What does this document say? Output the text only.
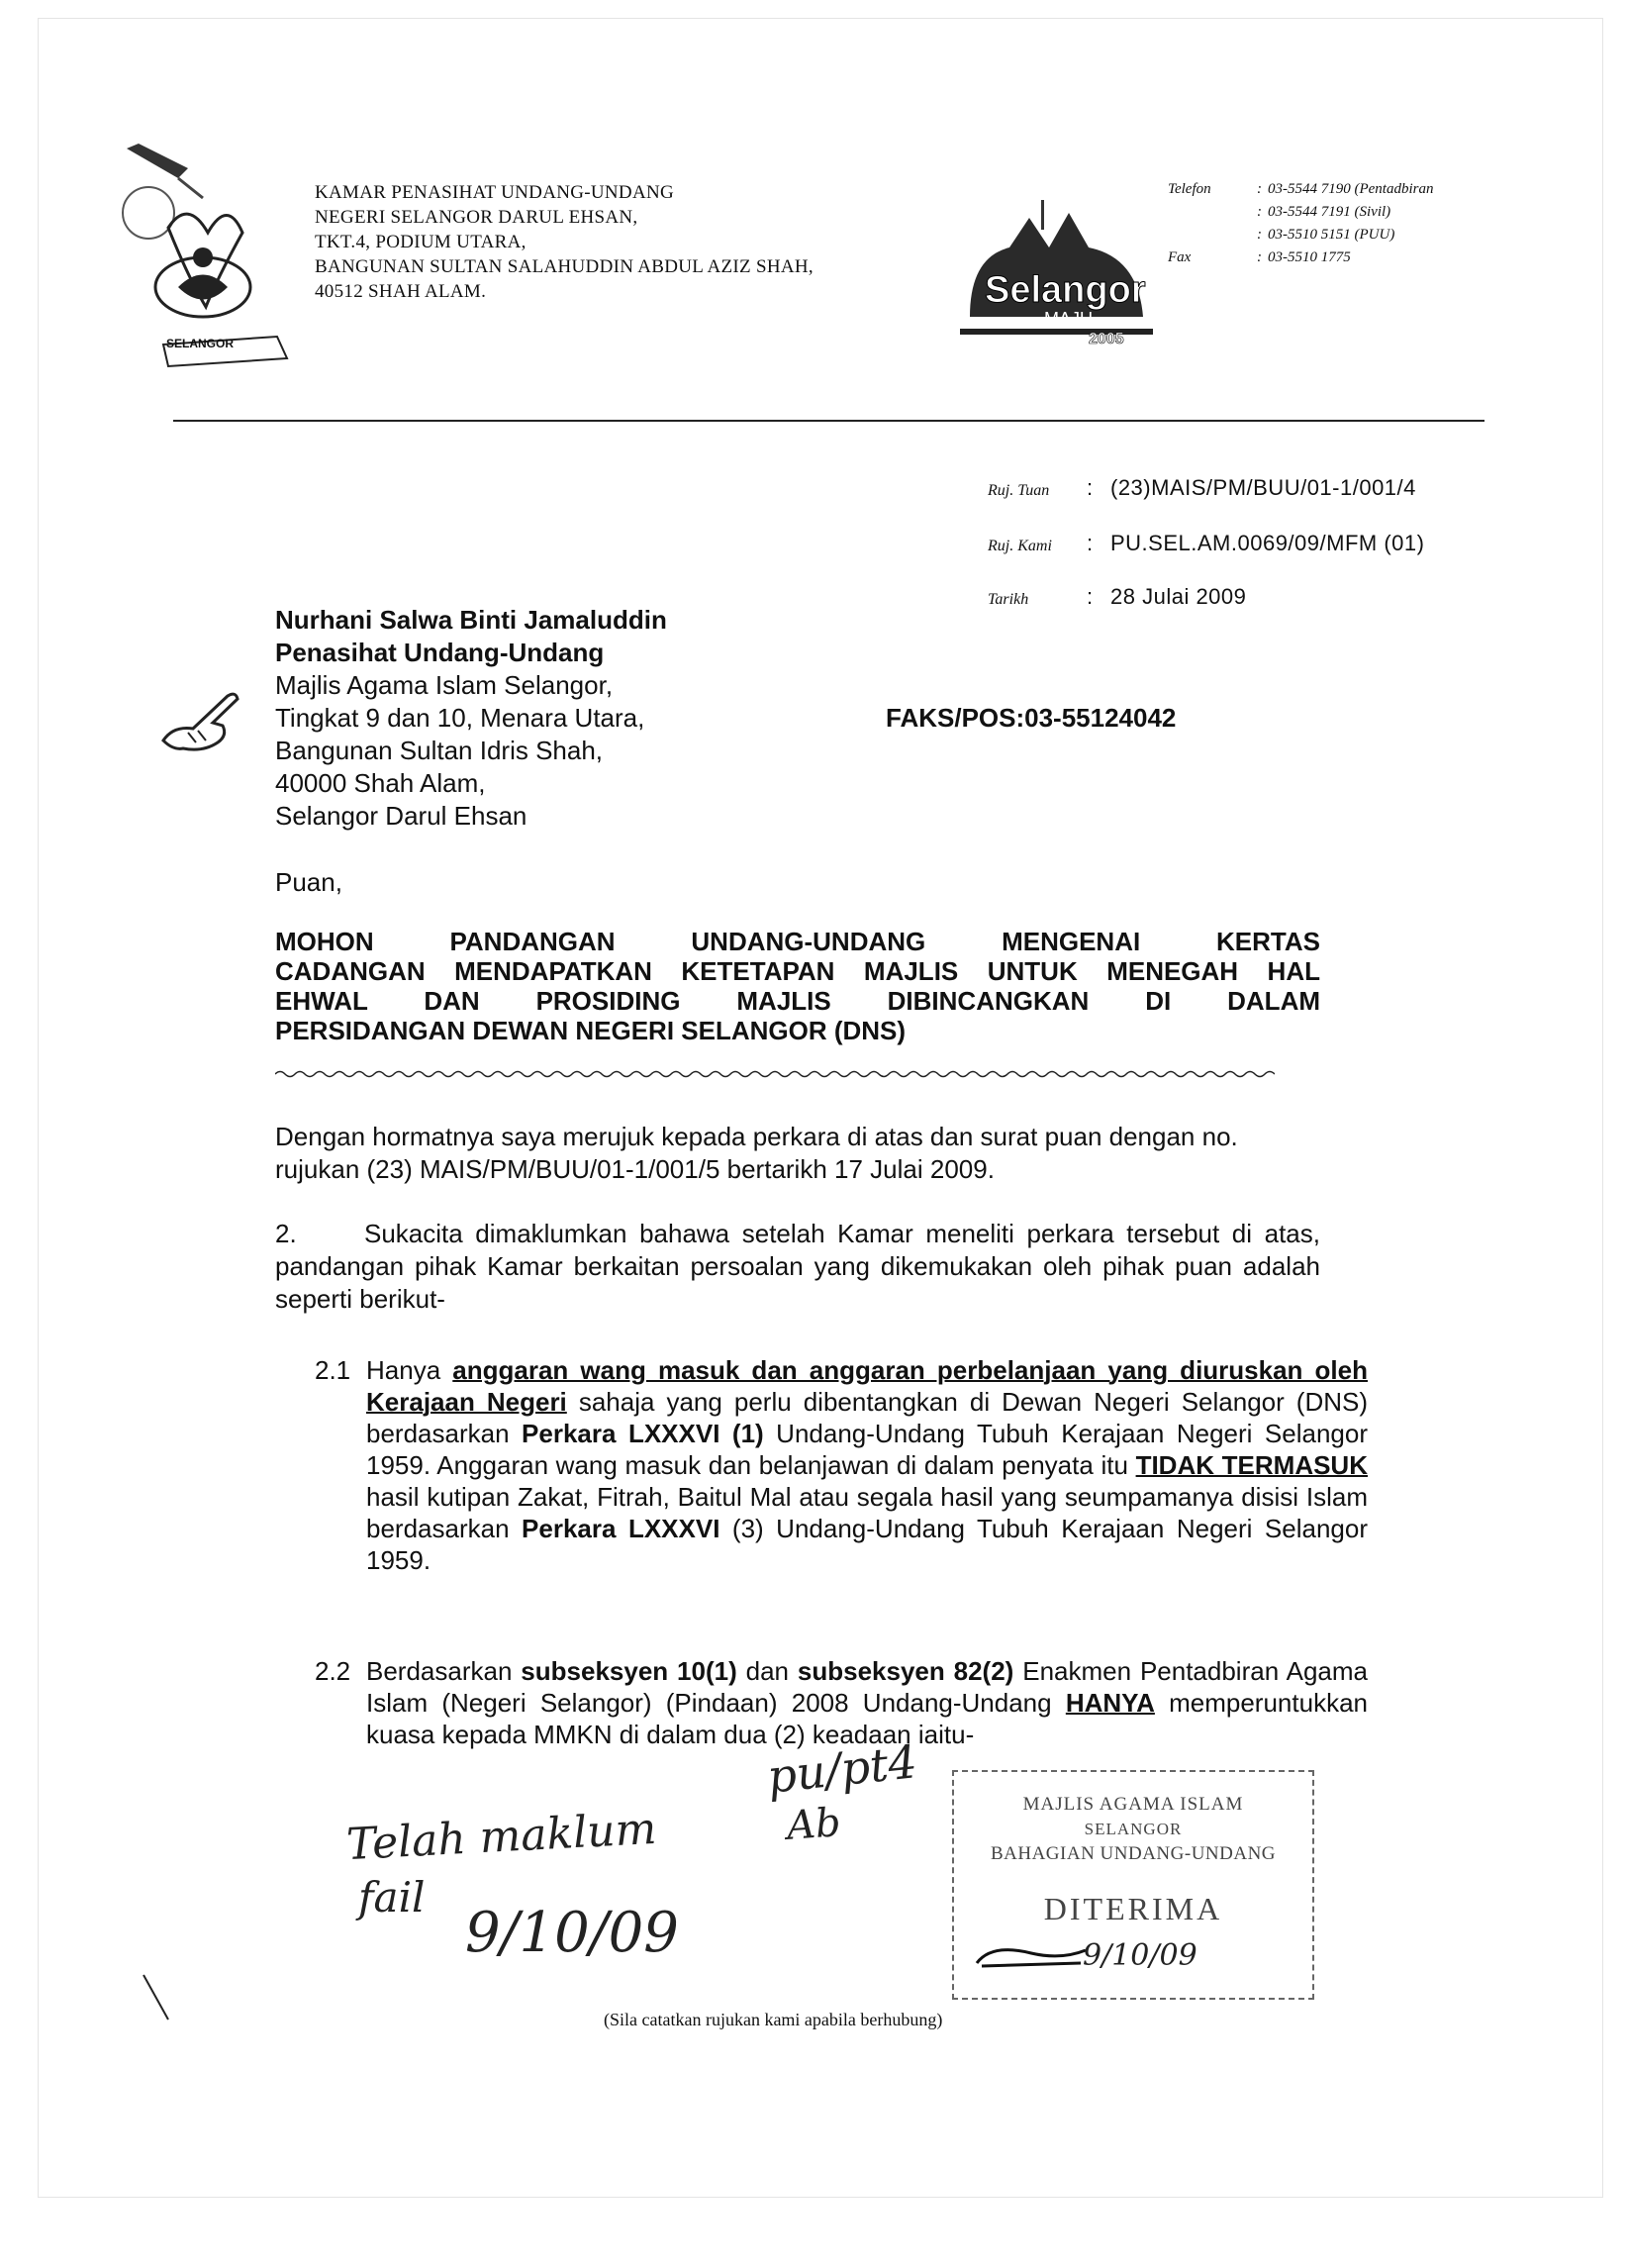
SELANGOR
KAMAR PENASIHAT UNDANG-UNDANG
NEGERI SELANGOR DARUL EHSAN,
TKT.4, PODIUM UTARA,
BANGUNAN SULTAN SALAHUDDIN ABDUL AZIZ SHAH,
40512 SHAH ALAM.	Selangor
MAJU
2005
Telefon	:	03-5544 7190 (Pentadbiran
	:	03-5544 7191 (Sivil)
	:	03-5510 5151 (PUU)
Fax	:	03-5510 1775
Ruj. Tuan : (23)MAIS/PM/BUU/01-1/001/4
Ruj. Kami : PU.SEL.AM.0069/09/MFM (01)
Tarikh	: 28 Julai 2009
Nurhani Salwa Binti Jamaluddin
Penasihat Undang-Undang
Majlis Agama Islam Selangor,
Tingkat 9 dan 10, Menara Utara,
Bangunan Sultan Idris Shah,
40000 Shah Alam,
Selangor Darul Ehsan
FAKS/POS:03-55124042
Puan,
MOHON PANDANGAN UNDANG-UNDANG MENGENAI KERTAS
CADANGAN MENDAPATKAN KETETAPAN MAJLIS UNTUK MENEGAH HAL
EHWAL DAN PROSIDING MAJLIS DIBINCANGKAN DI DALAM
PERSIDANGAN DEWAN NEGERI SELANGOR (DNS)
Dengan hormatnya saya merujuk kepada perkara di atas dan surat puan dengan no. rujukan (23) MAIS/PM/BUU/01-1/001/5 bertarikh 17 Julai 2009.
2.	Sukacita dimaklumkan bahawa setelah Kamar meneliti perkara tersebut di atas, pandangan pihak Kamar berkaitan persoalan yang dikemukakan oleh pihak puan adalah seperti berikut-
2.1 Hanya anggaran wang masuk dan anggaran perbelanjaan yang diuruskan oleh Kerajaan Negeri sahaja yang perlu dibentangkan di Dewan Negeri Selangor (DNS) berdasarkan Perkara LXXXVI (1) Undang-Undang Tubuh Kerajaan Negeri Selangor 1959. Anggaran wang masuk dan belanjawan di dalam penyata itu TIDAK TERMASUK hasil kutipan Zakat, Fitrah, Baitul Mal atau segala hasil yang seumpamanya disisi Islam berdasarkan Perkara LXXXVI (3) Undang-Undang Tubuh Kerajaan Negeri Selangor 1959.
2.2 Berdasarkan subseksyen 10(1) dan subseksyen 82(2) Enakmen Pentadbiran Agama Islam (Negeri Selangor) (Pindaan) 2008 Undang-Undang HANYA memperuntukkan kuasa kepada MMKN di dalam dua (2) keadaan iaitu-
MAJLIS AGAMA ISLAM
SELANGOR
BAHAGIAN UNDANG-UNDANG
DITERIMA
9/10/09
pu/pt4
Ab
Telah maklum
fail
9/10/09
(Sila catatkan rujukan kami apabila berhubung)
